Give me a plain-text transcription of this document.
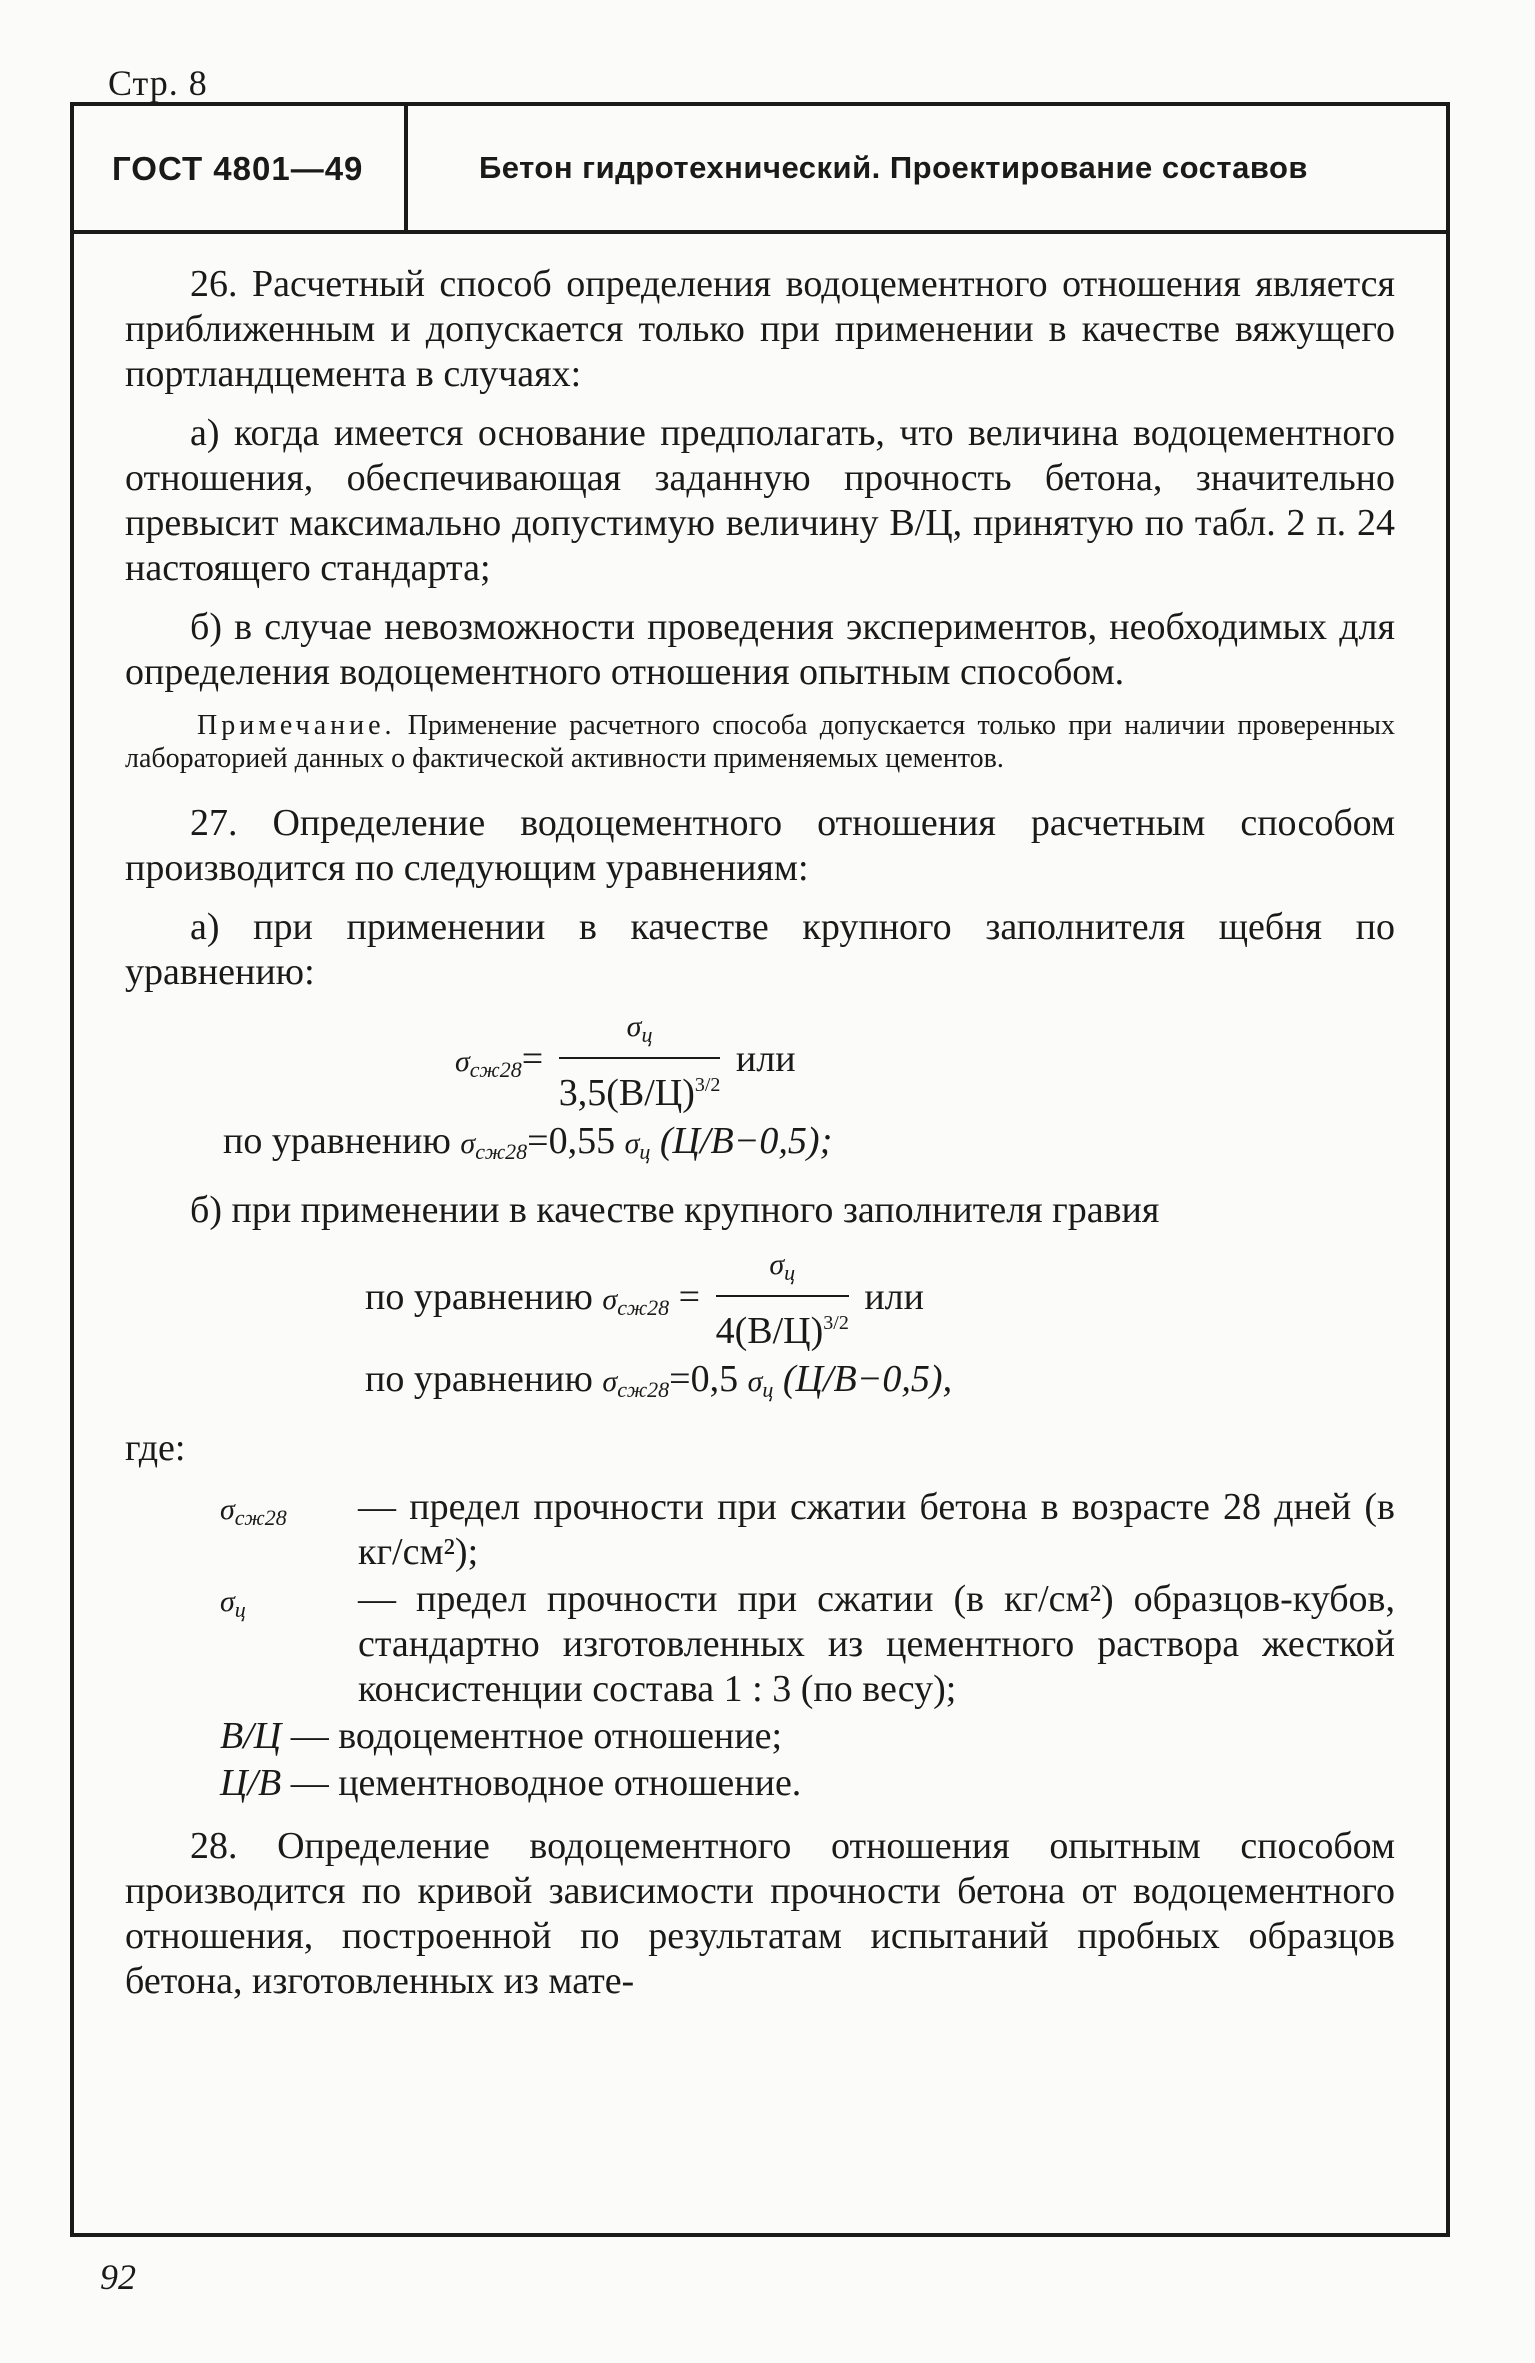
Стр. 8
ГОСТ 4801—49	Бетон гидротехнический. Проектирование составов

26. Расчетный способ определения водоцементного отношения является приближенным и допускается только при применении в качестве вяжущего портландцемента в случаях:

а) когда имеется основание предполагать, что величина водоцементного отношения, обеспечивающая заданную прочность бетона, значительно превысит максимально допустимую величину В/Ц, принятую по табл. 2 п. 24 настоящего стандарта;

б) в случае невозможности проведения экспериментов, необходимых для определения водоцементного отношения опытным способом.

Примечание. Применение расчетного способа допускается только при наличии проверенных лабораторией данных о фактической активности применяемых цементов.

27. Определение водоцементного отношения расчетным способом производится по следующим уравнениям:

а) при применении в качестве крупного заполнителя щебня по уравнению:

$\sigma_{сж28}= \frac{\sigma_ц}{3,5(В/Ц)^{3/2}}$ или
по уравнению $\sigma_{сж28}=0,55$ $\sigma_ц$ (Ц/В−0,5);

б) при применении в качестве крупного заполнителя гравия

по уравнению $\sigma_{сж28} = \frac{\sigma_ц}{4(В/Ц)^{3/2}}$ или
по уравнению $\sigma_{сж28}=0,5$ $\sigma_ц$ (Ц/В−0,5),

где:

$\sigma_{сж28}$	— предел прочности при сжатии бетона в возрасте 28 дней (в кг/см²);
$\sigma_ц$	— предел прочности при сжатии (в кг/см²) образцов-кубов, стандартно изготовленных из цементного раствора жесткой консистенции состава 1 : 3 (по весу);
В/Ц — водоцементное отношение;
Ц/В — цементноводное отношение.

28. Определение водоцементного отношения опытным способом производится по кривой зависимости прочности бетона от водоцементного отношения, построенной по результатам испытаний пробных образцов бетона, изготовленных из мате-

92
